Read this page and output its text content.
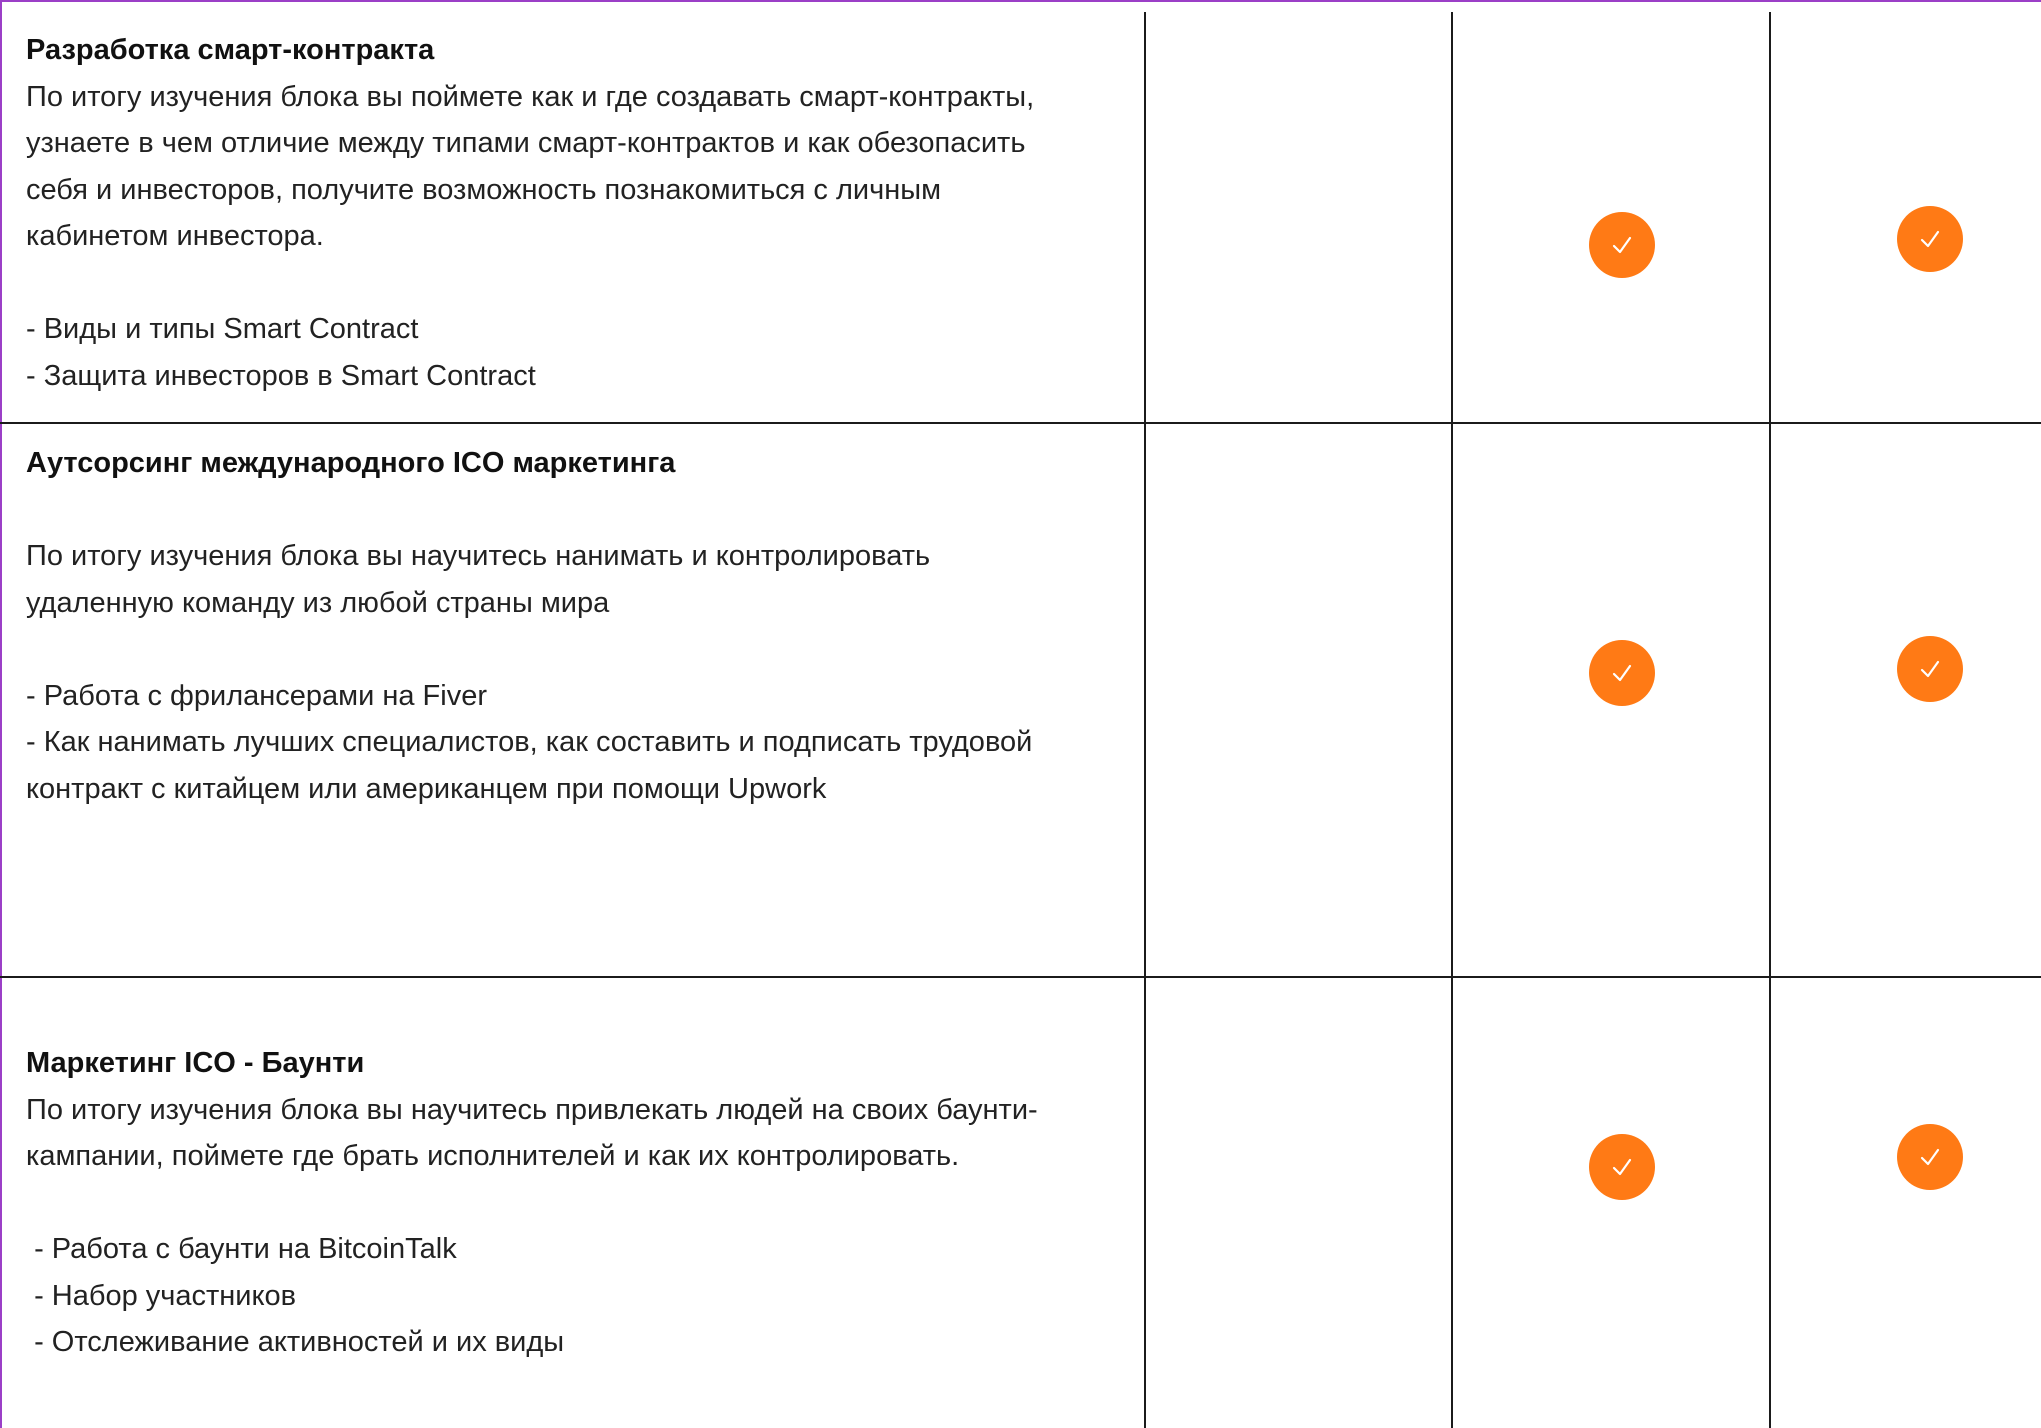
Разработка смарт-контракта
По итогу изучения блока вы поймете как и где создавать смарт-контракты,
узнаете в чем отличие между типами смарт-контрактов и как обезопасить
себя и инвесторов, получите возможность познакомиться с личным
кабинетом инвестора.
- Виды и типы Smart Contract
- Защита инвесторов в Smart Contract
Аутсорсинг международного ICO маркетинга
По итогу изучения блока вы научитесь нанимать и контролировать
удаленную команду из любой страны мира
- Работа с фрилансерами на Fiver
- Как нанимать лучших специалистов, как составить и подписать трудовой
контракт с китайцем или американцем при помощи Upwork
Маркетинг ICO - Баунти
По итогу изучения блока вы научитесь привлекать людей на своих баунти-
кампании, поймете где брать исполнителей и как их контролировать.
- Работа с баунти на BitcoinTalk
- Набор участников
- Отслеживание активностей и их виды
